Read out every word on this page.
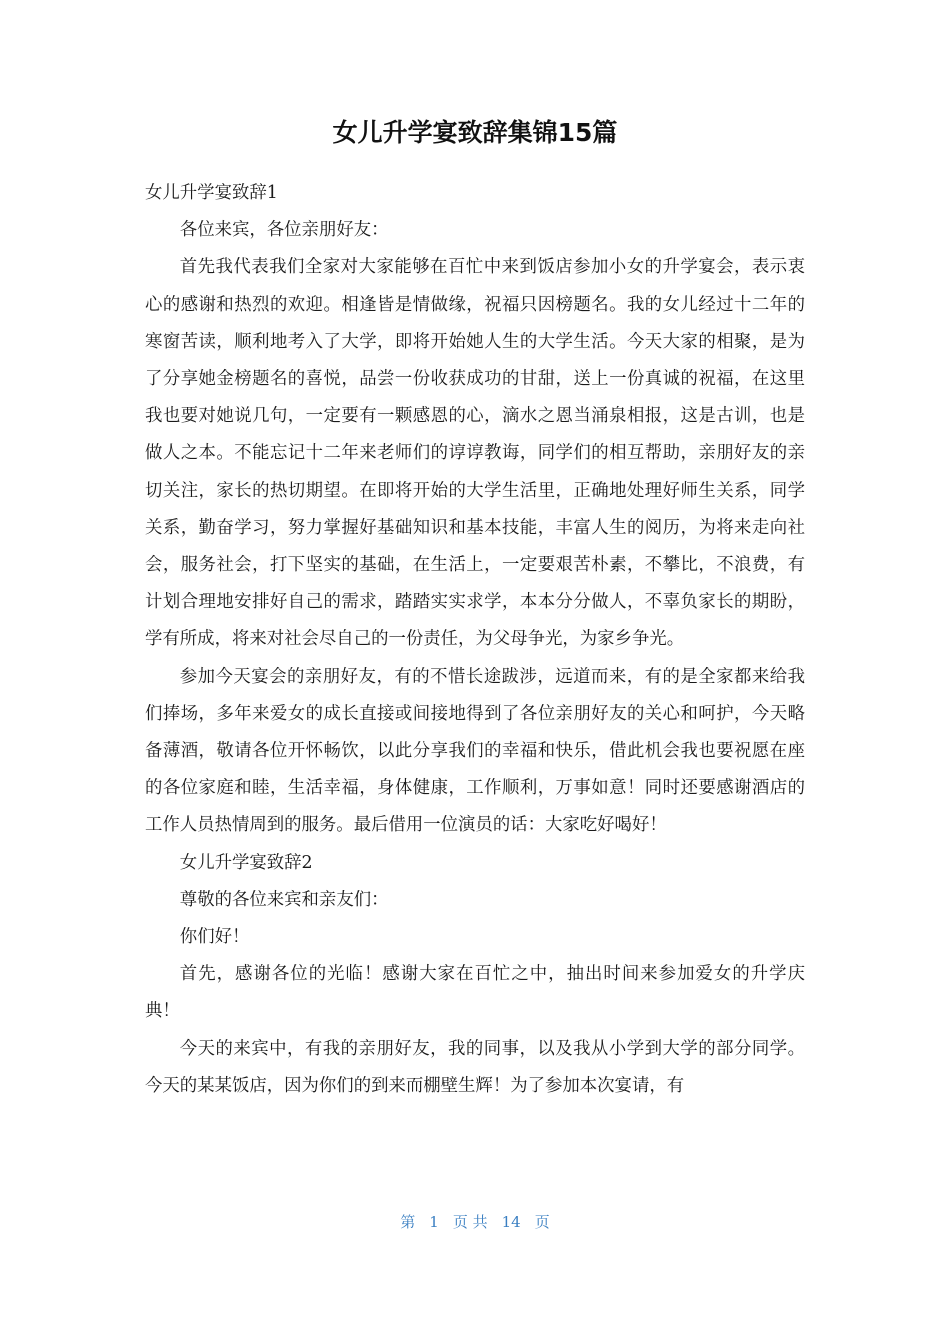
女儿升学宴致辞集锦15篇

女儿升学宴致辞1

各位来宾，各位亲朋好友：

首先我代表我们全家对大家能够在百忙中来到饭店参加小女的升学宴会，表示衷心的感谢和热烈的欢迎。相逢皆是情做缘，祝福只因榜题名。我的女儿经过十二年的寒窗苦读，顺利地考入了大学，即将开始她人生的大学生活。今天大家的相聚，是为了分享她金榜题名的喜悦，品尝一份收获成功的甘甜，送上一份真诚的祝福，在这里我也要对她说几句，一定要有一颗感恩的心，滴水之恩当涌泉相报，这是古训，也是做人之本。不能忘记十二年来老师们的谆谆教诲，同学们的相互帮助，亲朋好友的亲切关注，家长的热切期望。在即将开始的大学生活里，正确地处理好师生关系，同学关系，勤奋学习，努力掌握好基础知识和基本技能，丰富人生的阅历，为将来走向社会，服务社会，打下坚实的基础，在生活上，一定要艰苦朴素，不攀比，不浪费，有计划合理地安排好自己的需求，踏踏实实求学，本本分分做人，不辜负家长的期盼，学有所成，将来对社会尽自己的一份责任，为父母争光，为家乡争光。

参加今天宴会的亲朋好友，有的不惜长途跋涉，远道而来，有的是全家都来给我们捧场，多年来爱女的成长直接或间接地得到了各位亲朋好友的关心和呵护，今天略备薄酒，敬请各位开怀畅饮，以此分享我们的幸福和快乐，借此机会我也要祝愿在座的各位家庭和睦，生活幸福，身体健康，工作顺利，万事如意！同时还要感谢酒店的工作人员热情周到的服务。最后借用一位演员的话：大家吃好喝好！

女儿升学宴致辞2

尊敬的各位来宾和亲友们：

你们好！

首先，感谢各位的光临！感谢大家在百忙之中，抽出时间来参加爱女的升学庆典！

今天的来宾中，有我的亲朋好友，我的同事，以及我从小学到大学的部分同学。今天的某某饭店，因为你们的到来而棚壁生辉！为了参加本次宴请，有

第 1 页 共 14 页
